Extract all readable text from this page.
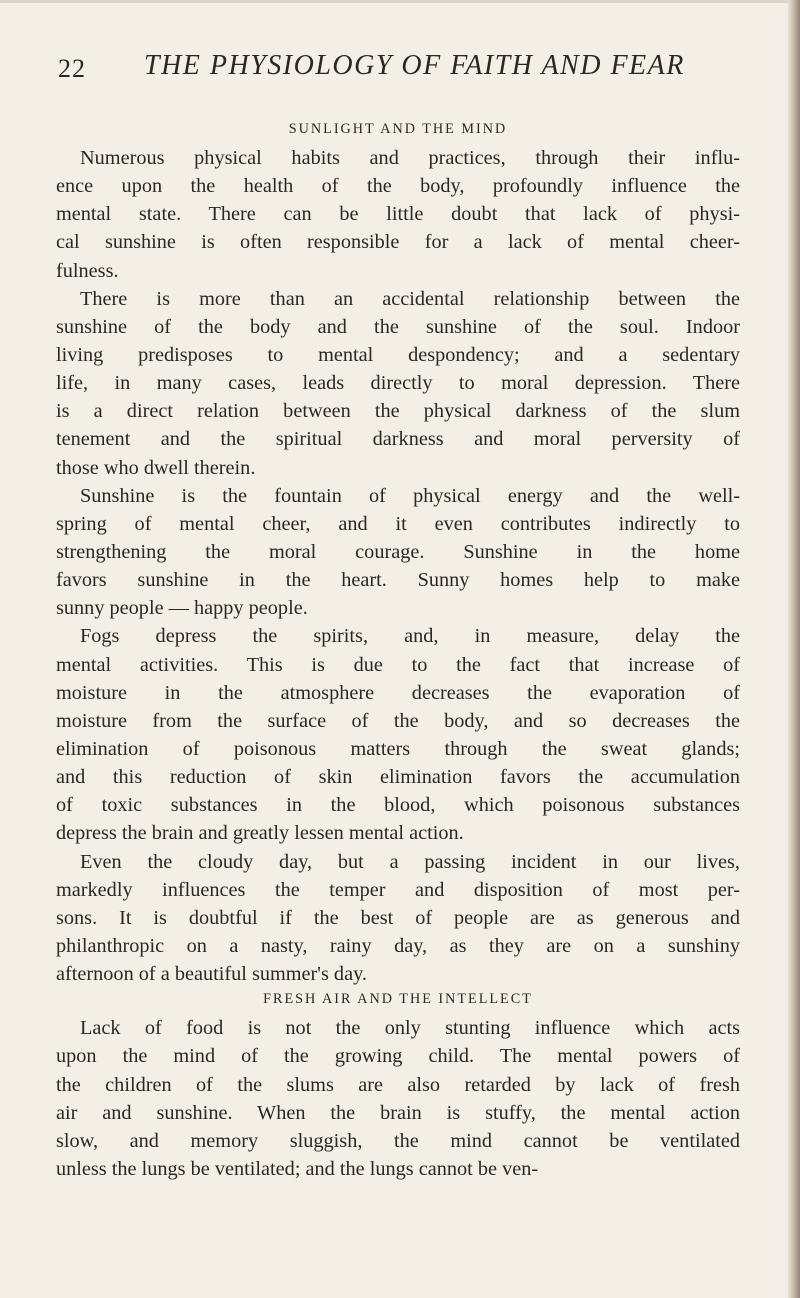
22 THE PHYSIOLOGY OF FAITH AND FEAR
SUNLIGHT AND THE MIND
Numerous physical habits and practices, through their influ-
ence upon the health of the body, profoundly influence the
mental state. There can be little doubt that lack of physi-
cal sunshine is often responsible for a lack of mental cheer-
fulness.
There is more than an accidental relationship between the
sunshine of the body and the sunshine of the soul. Indoor
living predisposes to mental despondency; and a sedentary
life, in many cases, leads directly to moral depression. There
is a direct relation between the physical darkness of the slum
tenement and the spiritual darkness and moral perversity of
those who dwell therein.
Sunshine is the fountain of physical energy and the well-
spring of mental cheer, and it even contributes indirectly to
strengthening the moral courage. Sunshine in the home
favors sunshine in the heart. Sunny homes help to make
sunny people — happy people.
Fogs depress the spirits, and, in measure, delay the
mental activities. This is due to the fact that increase of
moisture in the atmosphere decreases the evaporation of
moisture from the surface of the body, and so decreases the
elimination of poisonous matters through the sweat glands;
and this reduction of skin elimination favors the accumulation
of toxic substances in the blood, which poisonous substances
depress the brain and greatly lessen mental action.
Even the cloudy day, but a passing incident in our lives,
markedly influences the temper and disposition of most per-
sons. It is doubtful if the best of people are as generous and
philanthropic on a nasty, rainy day, as they are on a sunshiny
afternoon of a beautiful summer's day.
FRESH AIR AND THE INTELLECT
Lack of food is not the only stunting influence which acts
upon the mind of the growing child. The mental powers of
the children of the slums are also retarded by lack of fresh
air and sunshine. When the brain is stuffy, the mental action
slow, and memory sluggish, the mind cannot be ventilated
unless the lungs be ventilated; and the lungs cannot be ven-
